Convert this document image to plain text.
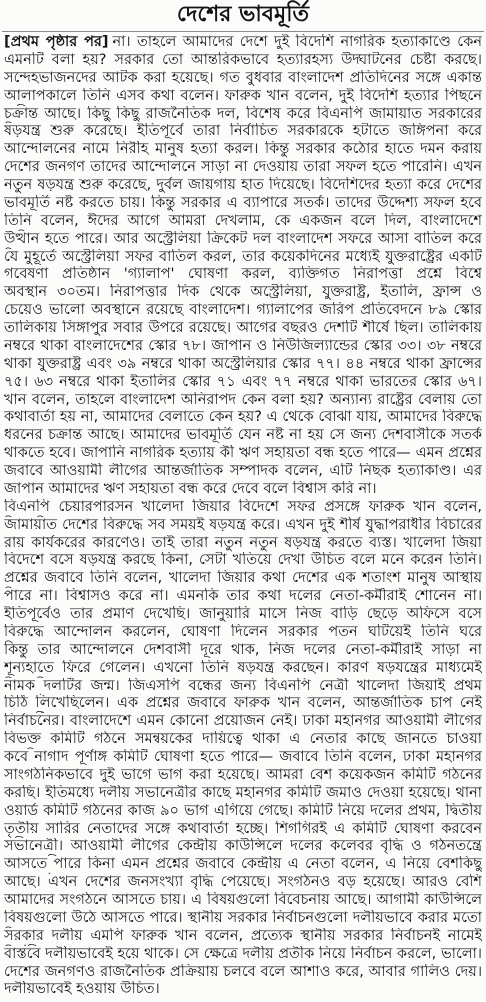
দেশের ভাবমূর্তি
[প্রথম পৃষ্ঠার পর] না। তাহলে আমাদের দেশে দুই বিদেশি নাগরিক হত্যাকাণ্ডে কেন
এমনটি বলা হয়? সরকার তো আন্তরিকভাবে হত্যারহস্য উদ্ঘাটনের চেষ্টা করছে।
সন্দেহভাজনদের আটক করা হয়েছে। গত বুধবার বাংলাদেশ প্রতিদিনের সঙ্গে একান্ত
আলাপকালে তিনি এসব কথা বলেন। ফারুক খান বলেন, দুই বিদেশি হত্যার পিছনে
চক্রান্ত আছে। কিছু কিছু রাজনৈতিক দল, বিশেষ করে বিএনপি জামায়াত সরকারের
ষড়যন্ত্র শুরু করেছে। ইতিপূর্বে তারা নির্বাচিত সরকারকে হটাতে জঙ্গিপনা করে
আন্দোলনের নামে নিরীহ মানুষ হত্যা করল। কিন্তু সরকার কঠোর হাতে দমন করায়
দেশের জনগণ তাদের আন্দোলনে সাড়া না দেওয়ায় তারা সফল হতে পারেনি। এখন
নতুন ষড়যন্ত্র শুরু করেছে, দুর্বল জায়গায় হাত দিয়েছে। বিদেশিদের হত্যা করে দেশের
ভাবমূর্তি নষ্ট করতে চায়। কিন্তু সরকার এ ব্যাপারে সতর্ক। তাদের উদ্দেশ্য সফল হবে
তিনি বলেন, ঈদের আগে আমরা দেখলাম, কে একজন বলে দিল, বাংলাদেশে
উত্থান হতে পারে। আর অস্ট্রেলিয়া ক্রিকেট দল বাংলাদেশ সফরে আসা বাতিল করে
যে মুহূর্তে অস্ট্রেলিয়া সফর বাতিল করল, তার কয়েকদিনের মধ্যেই যুক্তরাষ্ট্রের একটি
গবেষণা প্রতিষ্ঠান 'গ্যালাপ' ঘোষণা করল, ব্যক্তিগত নিরাপত্তা প্রশ্নে বিশ্বে
অবস্থান ৩০তম। নিরাপত্তার দিক থেকে অস্ট্রেলিয়া, যুক্তরাষ্ট্র, ইতালি, ফ্রান্স ও
চেয়েও ভালো অবস্থানে রয়েছে বাংলাদেশ। গ্যালাপের জরিপ প্রতিবেদনে ৮৯ স্কোর
তালিকায় সিঙ্গাপুর সবার উপরে রয়েছে। আগের বছরও দেশটি শীর্ষে ছিল। তালিকায়
নম্বরে থাকা বাংলাদেশের স্কোর ৭৮। জাপান ও নিউজিল্যান্ডের স্কোর ৩৩। ৩৮ নম্বরে
থাকা যুক্তরাষ্ট্র এবং ৩৯ নম্বরে থাকা অস্ট্রেলিয়ার স্কোর ৭৭। ৪৪ নম্বরে থাকা ফ্রান্সের
৭৫। ৬৩ নম্বরে থাকা ইতালির স্কোর ৭১ এবং ৭৭ নম্বরে থাকা ভারতের স্কোর ৬৭।
খান বলেন, তাহলে বাংলাদেশ অনিরাপদ কেন বলা হয়? অন্যান্য রাষ্ট্রের বেলায় তো
কথাবার্তা হয় না, আমাদের বেলাতে কেন হয়? এ থেকে বোঝা যায়, আমাদের বিরুদ্ধে
ধরনের চক্রান্ত আছে। আমাদের ভাবমূর্তি যেন নষ্ট না হয় সে জন্য দেশবাসীকে সতর্ক
থাকতে হবে। জাপানি নাগরিক হত্যায় কী ঋণ সহায়তা বন্ধ হতে পারে— এমন প্রশ্নের
জবাবে আওয়ামী লীগের আন্তর্জাতিক সম্পাদক বলেন, এটি নিছক হত্যাকাণ্ড। এর
জাপান আমাদের ঋণ সহায়তা বন্ধ করে দেবে বলে বিশ্বাস করি না।
বিএনপি চেয়ারপারসন খালেদা জিয়ার বিদেশে সফর প্রসঙ্গে ফারুক খান বলেন,
জামায়াত দেশের বিরুদ্ধে সব সময়ই ষড়যন্ত্র করে। এখন দুই শীর্ষ যুদ্ধাপরাধীর বিচারের
রায় কার্যকরের কারণেও। তাই তারা নতুন নতুন ষড়যন্ত্র করতে ব্যস্ত। খালেদা জিয়া
বিদেশে বসে ষড়যন্ত্র করছে কিনা, সেটা খতিয়ে দেখা উচিত বলে মনে করেন তিনি।
প্রশ্নের জবাবে তিনি বলেন, খালেদা জিয়ার কথা দেশের এক শতাংশ মানুষ আস্থায়
পারে না। বিশ্বাসও করে না। এমনকি তার কথা দলের নেতা-কর্মীরাই শোনেন না।
ইতিপূর্বেও তার প্রমাণ দেখেছি। জানুয়ারি মাসে নিজ বাড়ি ছেড়ে অফিসে বসে
বিরুদ্ধে আন্দোলন করলেন, ঘোষণা দিলেন সরকার পতন ঘটিয়েই তিনি ঘরে
কিন্তু তার আন্দোলনে দেশবাসী দূরে থাক, নিজ দলের নেতা-কর্মীরাই সাড়া না
শূন্যহাতে ফিরে গেলেন। এখনো তিনি ষড়যন্ত্র করছেন। কারণ ষড়যন্ত্রের মাধ্যমেই
নামক দলটির জন্ম। জিএসপি বন্ধের জন্য বিএনপি নেত্রী খালেদা জিয়াই প্রথম
চিঠি লিখেছিলেন। এক প্রশ্নের জবাবে ফারুক খান বলেন, আন্তর্জাতিক চাপ নেই
নির্বাচনের। বাংলাদেশে এমন কোনো প্রয়োজন নেই। ঢাকা মহানগর আওয়ামী লীগের
বিভক্ত কমিটি গঠনে সমন্বয়কের দায়িত্বে থাকা এ নেতার কাছে জানতে চাওয়া
কবে নাগাদ পূর্ণাঙ্গ কমিটি ঘোষণা হতে পারে— জবাবে তিনি বলেন, ঢাকা মহানগর
সাংগঠনিকভাবে দুই ভাগে ভাগ করা হয়েছে। আমরা বেশ কয়েকজন কমিটি গঠনের
করছি। ইতিমধ্যে দলীয় সভানেত্রীর কাছে মহানগর কমিটি জমাও দেওয়া হয়েছে। থানা
ওয়ার্ড কমিটি গঠনের কাজ ৯০ ভাগ এগিয়ে গেছে। কমিটি নিয়ে দলের প্রথম, দ্বিতীয়
তৃতীয় সারির নেতাদের সঙ্গে কথাবার্তা হচ্ছে। শিগগিরই এ কমিটি ঘোষণা করবেন
সভানেত্রী। আওয়ামী লীগের কেন্দ্রীয় কাউন্সিলে দলের কলেবর বৃদ্ধি ও গঠনতন্ত্রে
আসতে পারে কিনা এমন প্রশ্নের জবাবে কেন্দ্রীয় এ নেতা বলেন, এ নিয়ে বেশকিছু
আছে। এখন দেশের জনসংখ্যা বৃদ্ধি পেয়েছে। সংগঠনও বড় হয়েছে। আরও বেশি
আমাদের সংগঠনে আসতে চায়। এ বিষয়গুলো বিবেচনায় আছে। আগামী কাউন্সিলে
বিষয়গুলো উঠে আসতে পারে। স্থানীয় সরকার নির্বাচনগুলো দলীয়ভাবে করার মতো
সরকার দলীয় এমপি ফারুক খান বলেন, প্রত্যেক স্থানীয় সরকার নির্বাচনই নামেই
বাস্তবে দলীয়ভাবেই হয়ে থাকে। সে ক্ষেত্রে দলীয় প্রতীক নিয়ে নির্বাচন করলে, ভালো।
দেশের জনগণও রাজনৈতিক প্রক্রিয়ায় চলবে বলে আশাও করে, আবার গালিও দেয়।
দলীয়ভাবেই হওয়ায় উচিত।
